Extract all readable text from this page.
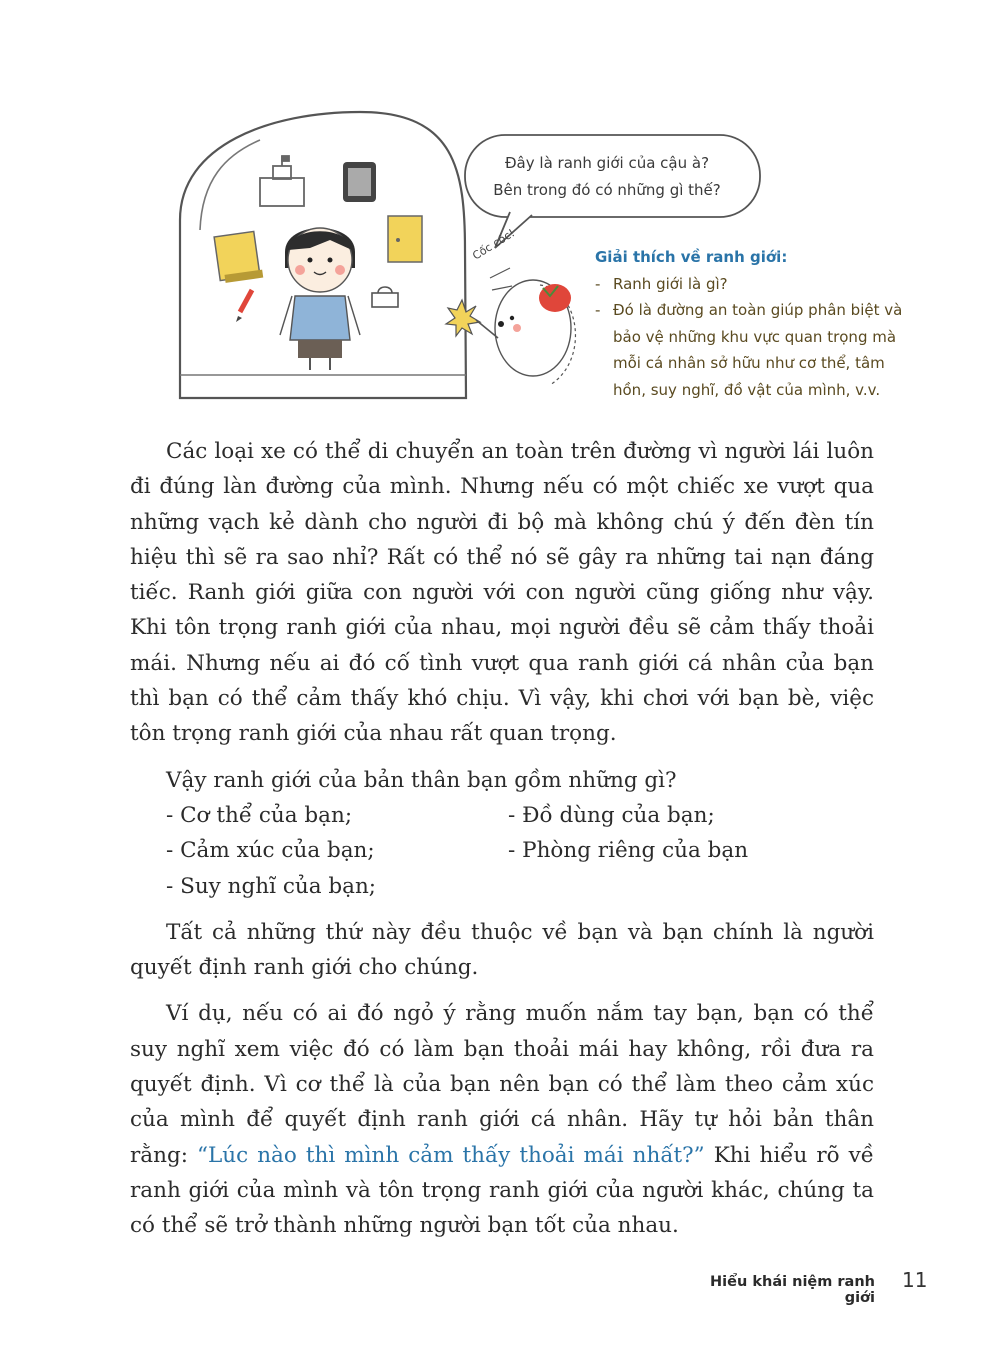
Đây là ranh giới của cậu à?
Bên trong đó có những gì thế?
Cốc cốc!	Giải thích về ranh giới:
- Ranh giới là gì?
- Đó là đường an toàn giúp phân biệt và bảo vệ những khu vực quan trọng mà mỗi cá nhân sở hữu như cơ thể, tâm hồn, suy nghĩ, đồ vật của mình, v.v.

Các loại xe có thể di chuyển an toàn trên đường vì người lái luôn đi đúng làn đường của mình. Nhưng nếu có một chiếc xe vượt qua những vạch kẻ dành cho người đi bộ mà không chú ý đến đèn tín hiệu thì sẽ ra sao nhỉ? Rất có thể nó sẽ gây ra những tai nạn đáng tiếc. Ranh giới giữa con người với con người cũng giống như vậy. Khi tôn trọng ranh giới của nhau, mọi người đều sẽ cảm thấy thoải mái. Nhưng nếu ai đó cố tình vượt qua ranh giới cá nhân của bạn thì bạn có thể cảm thấy khó chịu. Vì vậy, khi chơi với bạn bè, việc tôn trọng ranh giới của nhau rất quan trọng.

Vậy ranh giới của bản thân bạn gồm những gì?

- Cơ thể của bạn;	- Đồ dùng của bạn;
- Cảm xúc của bạn;	- Phòng riêng của bạn
- Suy nghĩ của bạn;

Tất cả những thứ này đều thuộc về bạn và bạn chính là người quyết định ranh giới cho chúng.

Ví dụ, nếu có ai đó ngỏ ý rằng muốn nắm tay bạn, bạn có thể suy nghĩ xem việc đó có làm bạn thoải mái hay không, rồi đưa ra quyết định. Vì cơ thể là của bạn nên bạn có thể làm theo cảm xúc của mình để quyết định ranh giới cá nhân. Hãy tự hỏi bản thân rằng: “Lúc nào thì mình cảm thấy thoải mái nhất?” Khi hiểu rõ về ranh giới của mình và tôn trọng ranh giới của người khác, chúng ta có thể sẽ trở thành những người bạn tốt của nhau.

Hiểu khái niệm ranh giới
11
